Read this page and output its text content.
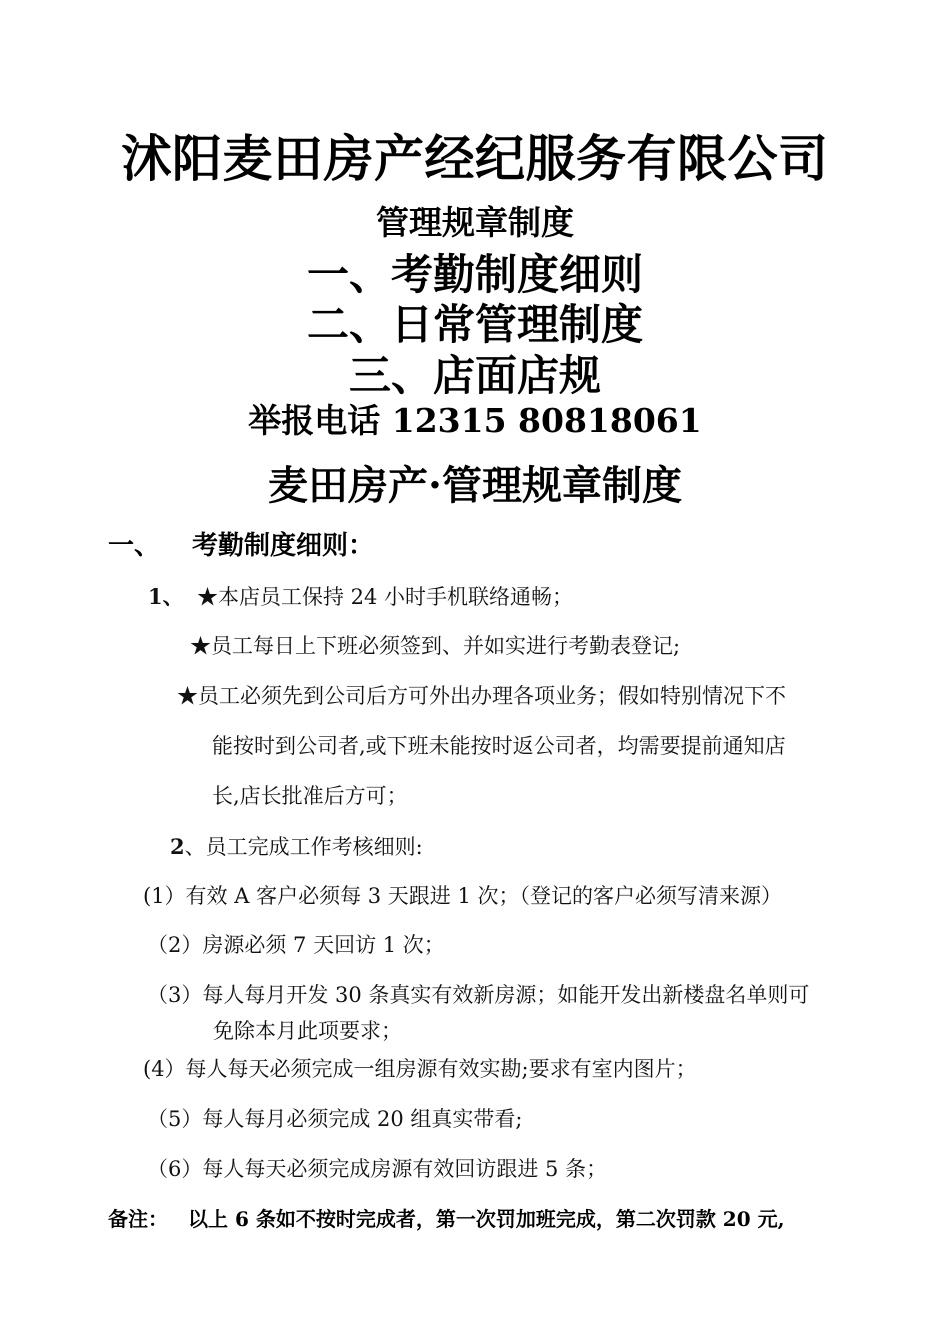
沭阳麦田房产经纪服务有限公司
管理规章制度
一、考勤制度细则
二、日常管理制度
三、店面店规
举报电话 12315 80818061
麦田房产·管理规章制度
一、 考勤制度细则：
1、 ★本店员工保持 24 小时手机联络通畅；
★员工每日上下班必须签到、并如实进行考勤表登记;
★员工必须先到公司后方可外出办理各项业务；假如特别情况下不
能按时到公司者,或下班未能按时返公司者，均需要提前通知店
长,店长批准后方可；
2、员工完成工作考核细则:
(1）有效 A 客户必须每 3 天跟进 1 次；（登记的客户必须写清来源）
（2）房源必须 7 天回访 1 次；
（3）每人每月开发 30 条真实有效新房源；如能开发出新楼盘名单则可
免除本月此项要求；
(4）每人每天必须完成一组房源有效实勘;要求有室内图片；
（5）每人每月必须完成 20 组真实带看;
（6）每人每天必须完成房源有效回访跟进 5 条；
备注： 以上 6 条如不按时完成者，第一次罚加班完成，第二次罚款 20 元,
